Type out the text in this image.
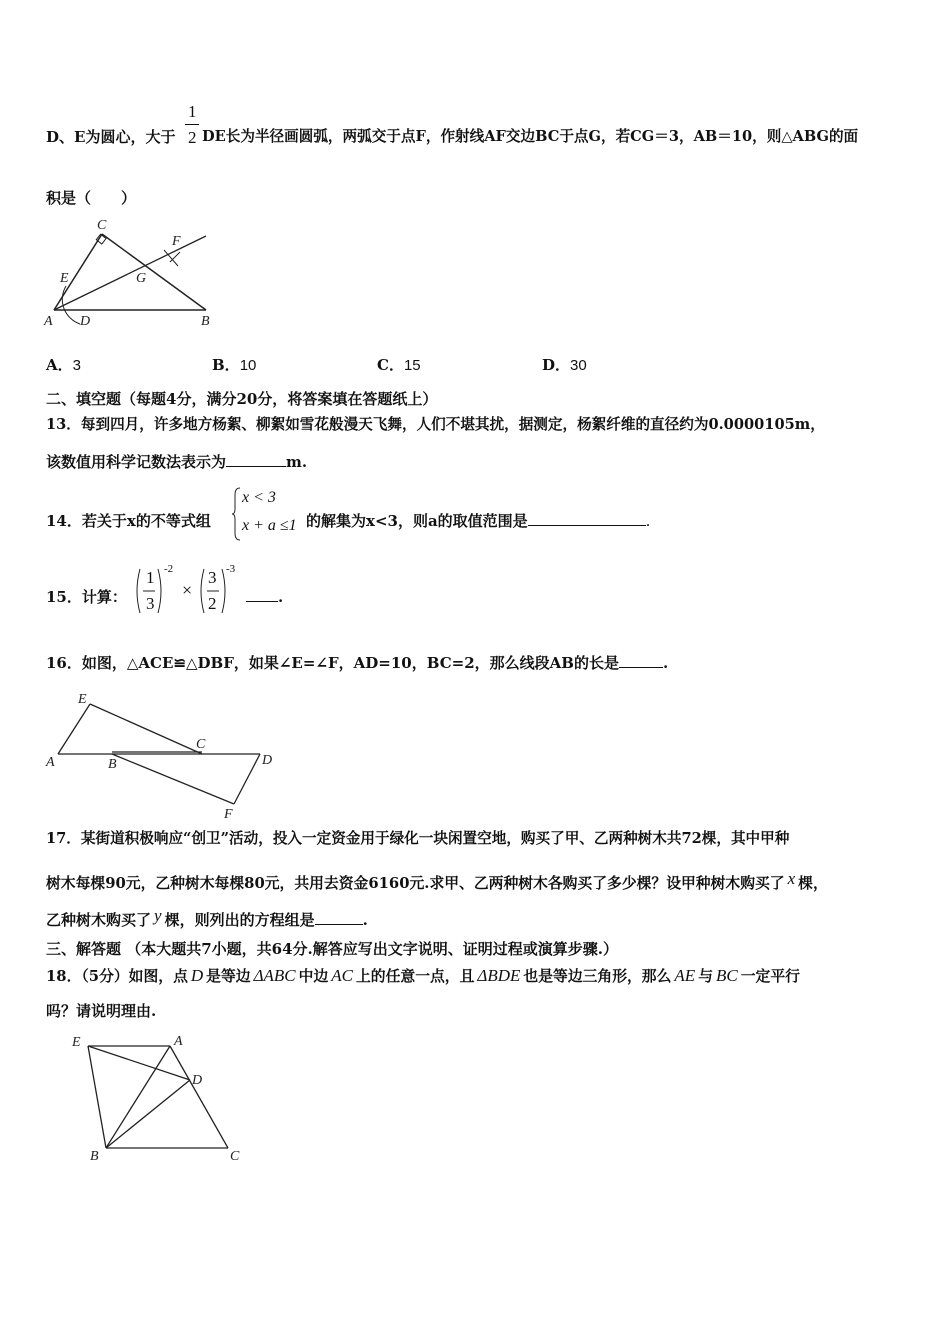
D、E为圆心，大于
1
2 DE长为半径画圆弧，两弧交于点F，作射线AF交边BC于点G，若CG＝3，AB＝10，则△ABG的面
积是（　　）
C
F
E	G
A D	B
A．3	B．10	C．15	D．30
二、填空题（每题4分，满分20分，将答案填在答题纸上）
13．每到四月，许多地方杨絮、柳絮如雪花般漫天飞舞，人们不堪其扰，据测定，杨絮纤维的直径约为0.0000105m，
该数值用科学记数法表示为	m.
14．若关于x的不等式组
x < 3
x + a ≤1 的解集为x<3，则a的取值范围是	.
15．计算：
1
3
-2
×
3
2
-3
.
16．如图，△ACE≌△DBF，如果∠E=∠F，AD=10，BC=2，那么线段AB的长是	.
E
C
A	B	D
F
17．某街道积极响应“创卫”活动，投入一定资金用于绿化一块闲置空地，购买了甲、乙两种树木共72棵，其中甲种
树木每棵90元，乙种树木每棵80元，共用去资金6160元.求甲、乙两种树木各购买了多少棵？设甲种树木购买了 x 棵，
乙种树木购买了 y 棵，则列出的方程组是	.
三、解答题 （本大题共7小题，共64分.解答应写出文字说明、证明过程或演算步骤.）
18．（5分）如图，点 D 是等边 ΔABC 中边 AC 上的任意一点，且 ΔBDE 也是等边三角形，那么 AE 与 BC 一定平行
吗？请说明理由.
E	A
D
B	C
